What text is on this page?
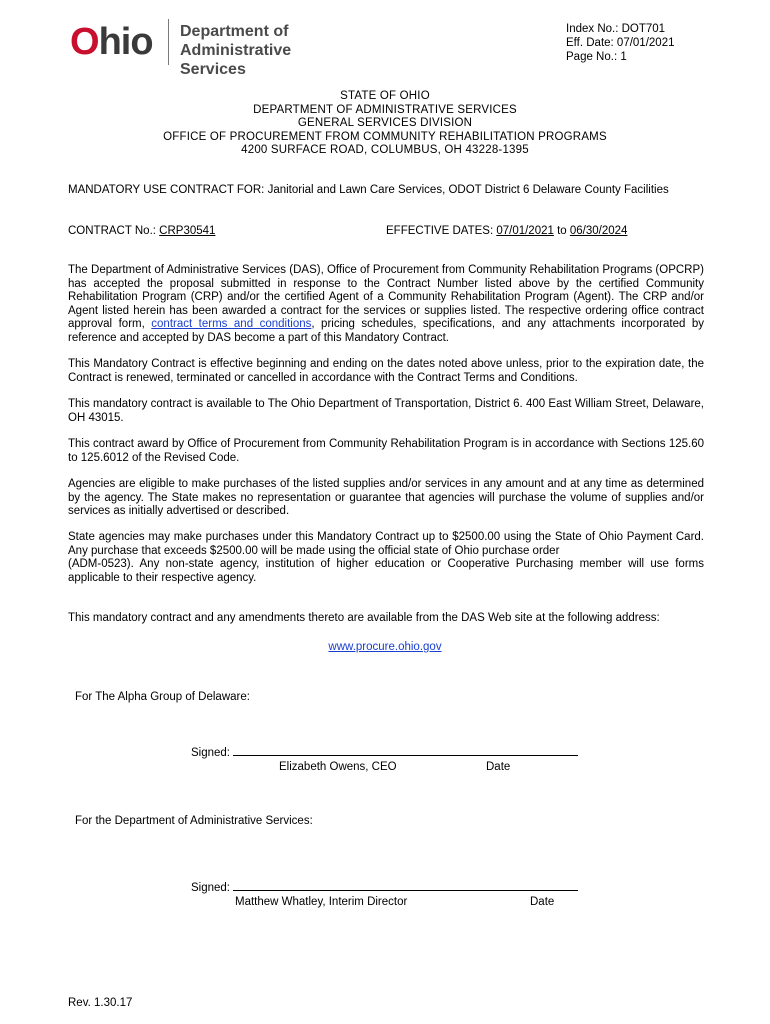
Ohio Department of
Administrative Services
Index No.: DOT701
Eff. Date: 07/01/2021
Page No.: 1
STATE OF OHIO
DEPARTMENT OF ADMINISTRATIVE SERVICES
GENERAL SERVICES DIVISION
OFFICE OF PROCUREMENT FROM COMMUNITY REHABILITATION PROGRAMS
4200 SURFACE ROAD, COLUMBUS, OH 43228-1395
MANDATORY USE CONTRACT FOR: Janitorial and Lawn Care Services, ODOT District 6 Delaware County Facilities
CONTRACT No.: CRP30541	EFFECTIVE DATES: 07/01/2021 to 06/30/2024

The Department of Administrative Services (DAS), Office of Procurement from Community Rehabilitation Programs (OPCRP) has accepted the proposal submitted in response to the Contract Number listed above by the certified Community Rehabilitation Program (CRP) and/or the certified Agent of a Community Rehabilitation Program (Agent). The CRP and/or Agent listed herein has been awarded a contract for the services or supplies listed. The respective ordering office contract approval form, contract terms and conditions, pricing schedules, specifications, and any attachments incorporated by reference and accepted by DAS become a part of this Mandatory Contract.

This Mandatory Contract is effective beginning and ending on the dates noted above unless, prior to the expiration date, the Contract is renewed, terminated or cancelled in accordance with the Contract Terms and Conditions.

This mandatory contract is available to The Ohio Department of Transportation, District 6. 400 East William Street, Delaware, OH 43015.

This contract award by Office of Procurement from Community Rehabilitation Program is in accordance with Sections 125.60 to 125.6012 of the Revised Code.

Agencies are eligible to make purchases of the listed supplies and/or services in any amount and at any time as determined by the agency. The State makes no representation or guarantee that agencies will purchase the volume of supplies and/or services as initially advertised or described.

State agencies may make purchases under this Mandatory Contract up to $2500.00 using the State of Ohio Payment Card. Any purchase that exceeds $2500.00 will be made using the official state of Ohio purchase order

(ADM-0523). Any non-state agency, institution of higher education or Cooperative Purchasing member will use forms applicable to their respective agency.

This mandatory contract and any amendments thereto are available from the DAS Web site at the following address:
www.procure.ohio.gov
For The Alpha Group of Delaware:
Signed:
Elizabeth Owens, CEO	Date
For the Department of Administrative Services:
Signed:
Matthew Whatley, Interim Director	Date
Rev. 1.30.17
